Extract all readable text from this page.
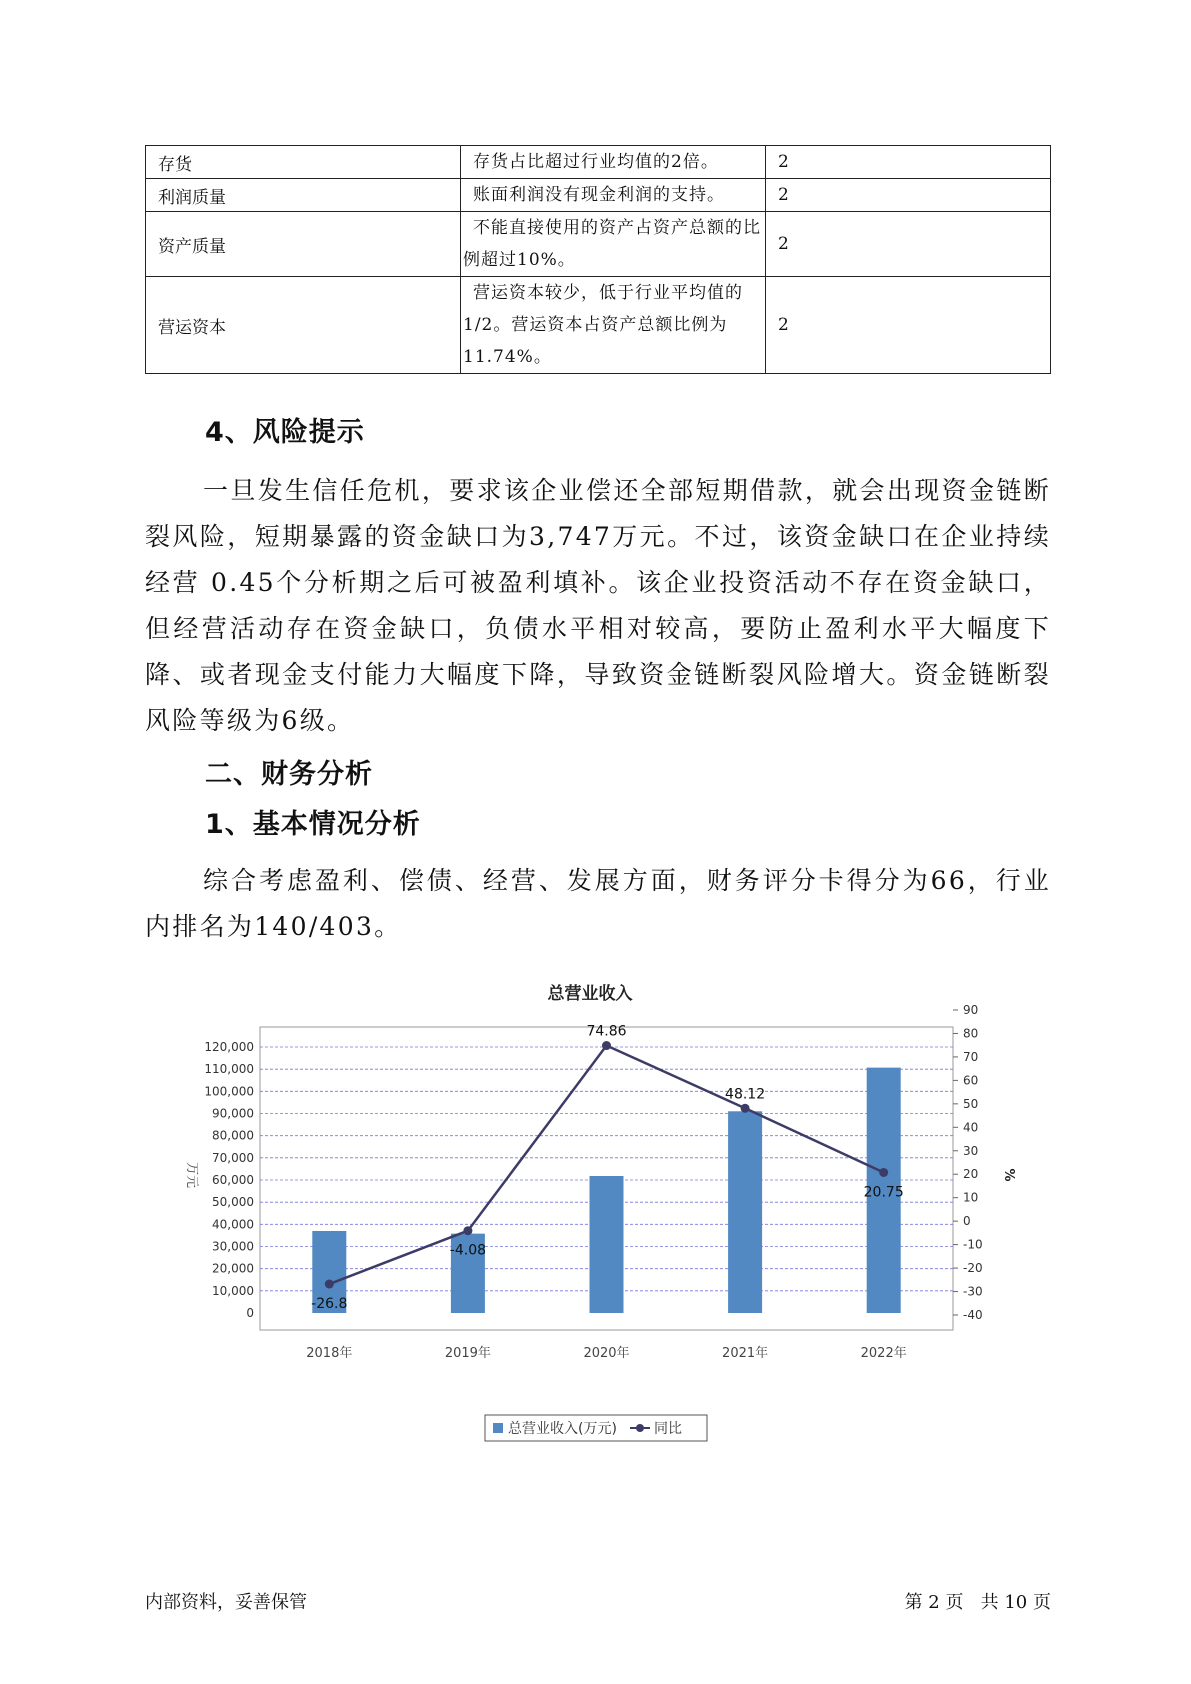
存货	存货占比超过行业均值的2倍。	2
利润质量	账面利润没有现金利润的支持。	2
资产质量	不能直接使用的资产占资产总额的比例超过10%。	2
营运资本	营运资本较少，低于行业平均值的1/2。营运资本占资产总额比例为11.74%。	2
4、风险提示
一旦发生信任危机，要求该企业偿还全部短期借款，就会出现资金链断裂风险，短期暴露的资金缺口为3,747万元。不过，该资金缺口在企业持续经营 0.45个分析期之后可被盈利填补。该企业投资活动不存在资金缺口，但经营活动存在资金缺口，负债水平相对较高，要防止盈利水平大幅度下降、或者现金支付能力大幅度下降，导致资金链断裂风险增大。资金链断裂风险等级为6级。
二、财务分析
1、基本情况分析
综合考虑盈利、偿债、经营、发展方面，财务评分卡得分为66，行业内排名为140/403。
总营业收入
0
10,000
20,000
30,000
40,000
50,000
60,000
70,000
80,000
90,000
100,000
110,000
120,000
-40
-30
-20
-10
0
10
20
30
40
50
60
70
80
90
万元	%
-26.8
-4.08
74.86
48.12
20.75
2018年	2019年	2020年	2021年	2022年
总营业收入(万元)	同比
内部资料，妥善保管	第 2 页   共 10 页
